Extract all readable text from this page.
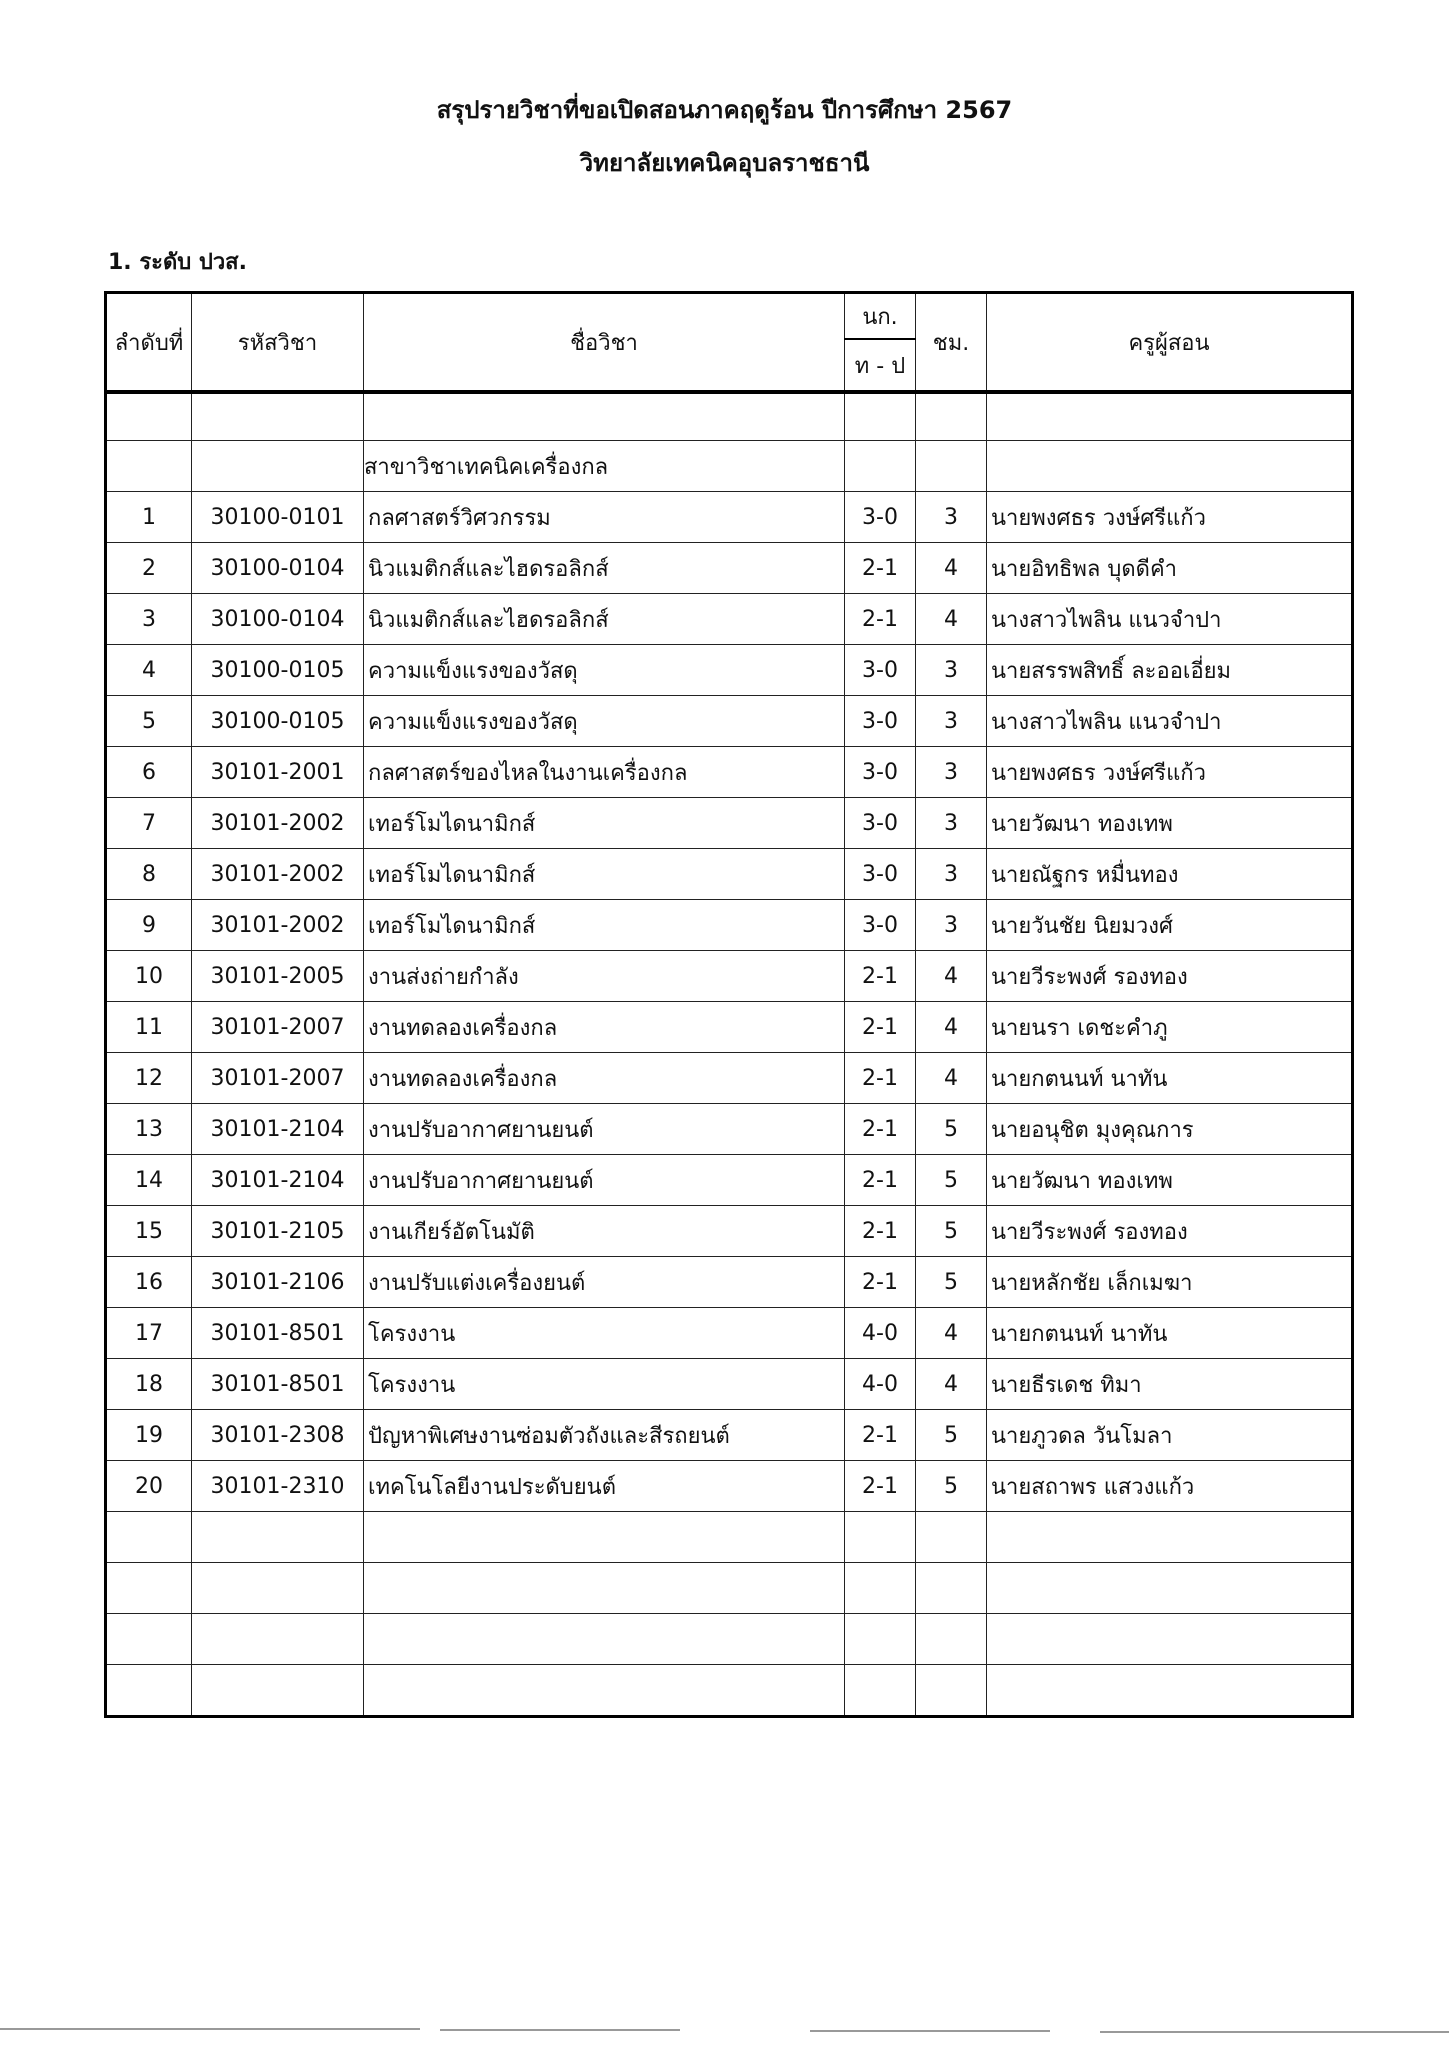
สรุปรายวิชาที่ขอเปิดสอนภาคฤดูร้อน ปีการศึกษา 2567
วิทยาลัยเทคนิคอุบลราชธานี
1. ระดับ ปวส.
ลำดับที่	รหัสวิชา	ชื่อวิชา	นก.	ชม.	ครูผู้สอน
			ท - ป		

		สาขาวิชาเทคนิคเครื่องกล			
1	30100-0101	กลศาสตร์วิศวกรรม	3-0	3	นายพงศธร วงษ์ศรีแก้ว
2	30100-0104	นิวแมติกส์และไฮดรอลิกส์	2-1	4	นายอิทธิพล บุดดีคำ
3	30100-0104	นิวแมติกส์และไฮดรอลิกส์	2-1	4	นางสาวไพลิน แนวจำปา
4	30100-0105	ความแข็งแรงของวัสดุ	3-0	3	นายสรรพสิทธิ์ ละออเอี่ยม
5	30100-0105	ความแข็งแรงของวัสดุ	3-0	3	นางสาวไพลิน แนวจำปา
6	30101-2001	กลศาสตร์ของไหลในงานเครื่องกล	3-0	3	นายพงศธร วงษ์ศรีแก้ว
7	30101-2002	เทอร์โมไดนามิกส์	3-0	3	นายวัฒนา ทองเทพ
8	30101-2002	เทอร์โมไดนามิกส์	3-0	3	นายณัฐกร หมื่นทอง
9	30101-2002	เทอร์โมไดนามิกส์	3-0	3	นายวันชัย นิยมวงศ์
10	30101-2005	งานส่งถ่ายกำลัง	2-1	4	นายวีระพงศ์ รองทอง
11	30101-2007	งานทดลองเครื่องกล	2-1	4	นายนรา เดชะคำภู
12	30101-2007	งานทดลองเครื่องกล	2-1	4	นายกตนนท์ นาทัน
13	30101-2104	งานปรับอากาศยานยนต์	2-1	5	นายอนุชิต มุงคุณการ
14	30101-2104	งานปรับอากาศยานยนต์	2-1	5	นายวัฒนา ทองเทพ
15	30101-2105	งานเกียร์อัตโนมัติ	2-1	5	นายวีระพงศ์ รองทอง
16	30101-2106	งานปรับแต่งเครื่องยนต์	2-1	5	นายหลักชัย เล็กเมฆา
17	30101-8501	โครงงาน	4-0	4	นายกตนนท์ นาทัน
18	30101-8501	โครงงาน	4-0	4	นายธีรเดช ทิมา
19	30101-2308	ปัญหาพิเศษงานซ่อมตัวถังและสีรถยนต์	2-1	5	นายภูวดล วันโมลา
20	30101-2310	เทคโนโลยีงานประดับยนต์	2-1	5	นายสถาพร แสวงแก้ว
